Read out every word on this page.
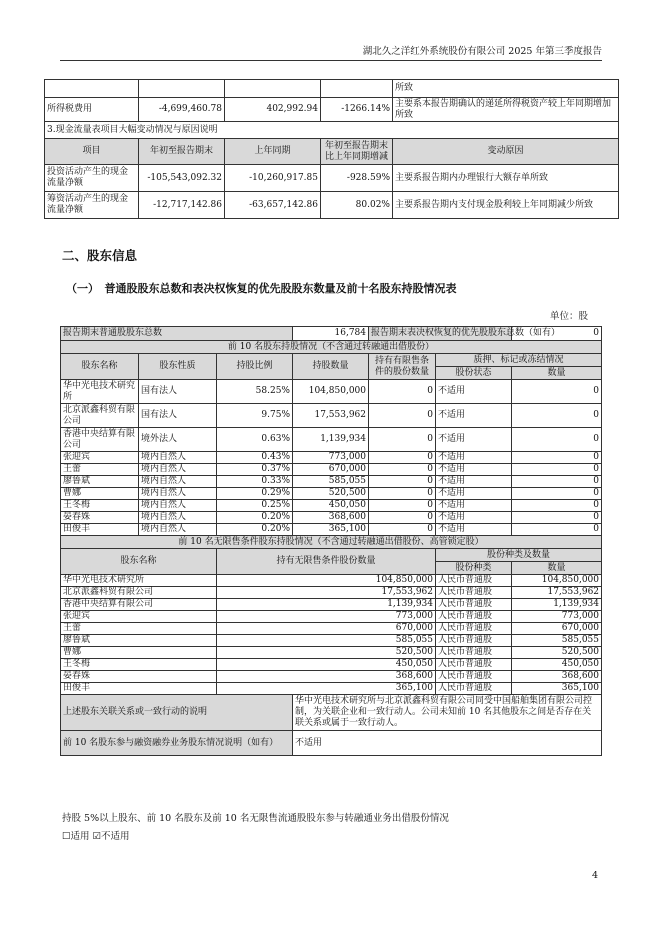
湖北久之洋红外系统股份有限公司 2025 年第三季度报告
				所致
所得税费用	-4,699,460.78	402,992.94	-1266.14%	主要系本报告期确认的递延所得税资产较上年同期增加所致
3.现金流量表项目大幅变动情况与原因说明				
项目	年初至报告期末	上年同期	年初至报告期末比上年同期增减	变动原因
投资活动产生的现金流量净额	-105,543,092.32	-10,260,917.85	-928.59%	主要系报告期内办理银行大额存单所致
筹资活动产生的现金流量净额	-12,717,142.86	-63,657,142.86	80.02%	主要系报告期内支付现金股利较上年同期减少所致
二、股东信息
（一）　普通股股东总数和表决权恢复的优先股股东数量及前十名股东持股情况表
单位：股
报告期末普通股股东总数			16,784	报告期末表决权恢复的优先股股东总数（如有）		0
前 10 名股东持股情况（不含通过转融通出借股份）						
股东名称	股东性质	持股比例	持股数量	持有有限售条件的股份数量	质押、标记或冻结情况	
					股份状态	数量
华中光电技术研究所	国有法人	58.25%	104,850,000	0	不适用	0
北京派鑫科贸有限公司	国有法人	9.75%	17,553,962	0	不适用	0
香港中央结算有限公司	境外法人	0.63%	1,139,934	0	不适用	0
张迎宾	境内自然人	0.43%	773,000	0	不适用	0
王蕾	境内自然人	0.37%	670,000	0	不适用	0
廖鲁斌	境内自然人	0.33%	585,055	0	不适用	0
曹娜	境内自然人	0.29%	520,500	0	不适用	0
王冬梅	境内自然人	0.25%	450,050	0	不适用	0
晏春姝	境内自然人	0.20%	368,600	0	不适用	0
田俊丰	境内自然人	0.20%	365,100	0	不适用	0
前 10 名无限售条件股东持股情况（不含通过转融通出借股份、高管锁定股）						
股东名称		持有无限售条件股份数量			股份种类及数量	
					股份种类	数量
华中光电技术研究所		104,850,000			人民币普通股	104,850,000
北京派鑫科贸有限公司		17,553,962			人民币普通股	17,553,962
香港中央结算有限公司		1,139,934			人民币普通股	1,139,934
张迎宾		773,000			人民币普通股	773,000
王蕾		670,000			人民币普通股	670,000
廖鲁斌		585,055			人民币普通股	585,055
曹娜		520,500			人民币普通股	520,500
王冬梅		450,050			人民币普通股	450,050
晏春姝		368,600			人民币普通股	368,600
田俊丰		365,100			人民币普通股	365,100
上述股东关联关系或一致行动的说明			华中光电技术研究所与北京派鑫科贸有限公司同受中国船舶集团有限公司控制，为关联企业和一致行动人。公司未知前 10 名其他股东之间是否存在关联关系或属于一致行动人。			
前 10 名股东参与融资融券业务股东情况说明（如有）			不适用			
持股 5%以上股东、前 10 名股东及前 10 名无限售流通股股东参与转融通业务出借股份情况
☐适用 ☑不适用
4
